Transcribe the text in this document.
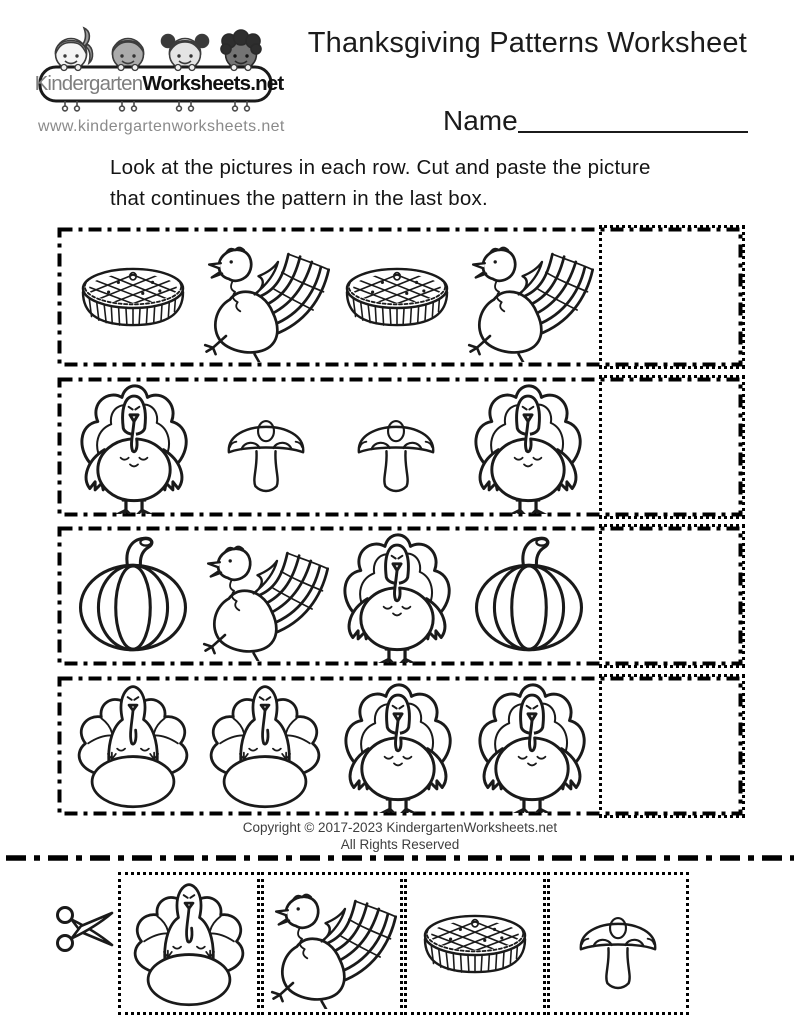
Kindergarten Worksheets.net
www.kindergartenworksheets.net
Thanksgiving Patterns Worksheet
Name
Look at the pictures in each row. Cut and paste the picture
that continues the pattern in the last box.
Copyright © 2017-2023 KindergartenWorksheets.net
All Rights Reserved
